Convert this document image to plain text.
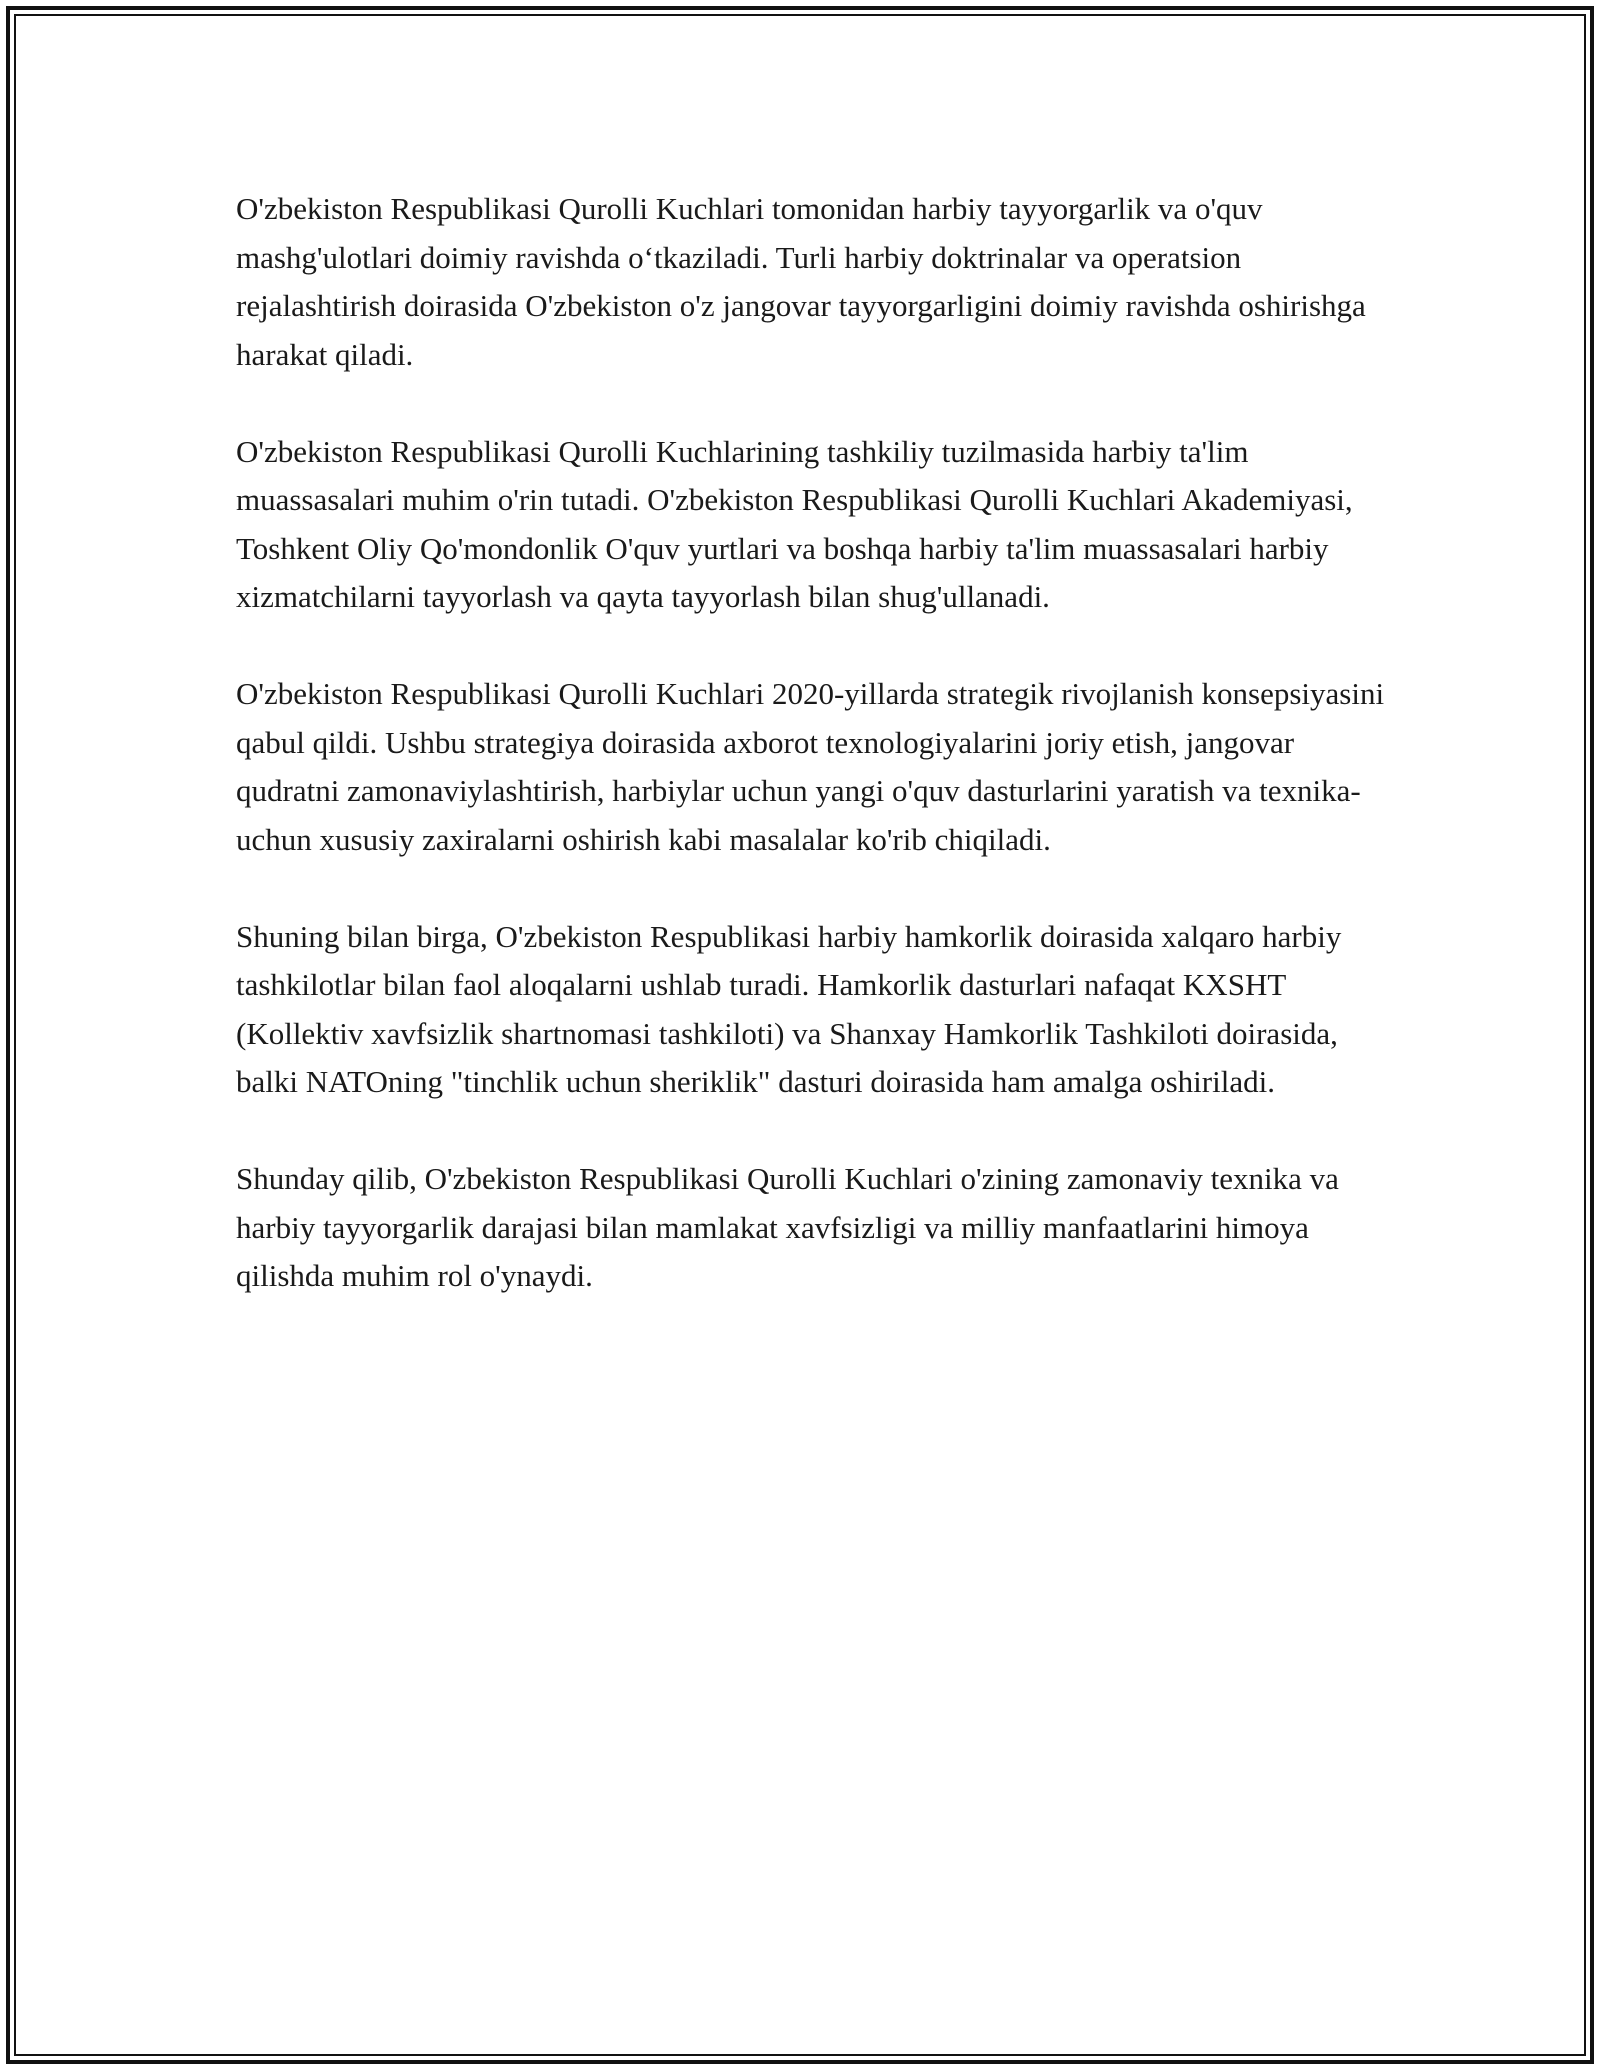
O'zbekiston Respublikasi Qurolli Kuchlari tomonidan harbiy tayyorgarlik va o'quv mashg'ulotlari doimiy ravishda o‘tkaziladi. Turli harbiy doktrinalar va operatsion rejalashtirish doirasida O'zbekiston o'z jangovar tayyorgarligini doimiy ravishda oshirishga harakat qiladi.

O'zbekiston Respublikasi Qurolli Kuchlarining tashkiliy tuzilmasida harbiy ta'lim muassasalari muhim o'rin tutadi. O'zbekiston Respublikasi Qurolli Kuchlari Akademiyasi, Toshkent Oliy Qo'mondonlik O'quv yurtlari va boshqa harbiy ta'lim muassasalari harbiy xizmatchilarni tayyorlash va qayta tayyorlash bilan shug'ullanadi.

O'zbekiston Respublikasi Qurolli Kuchlari 2020-yillarda strategik rivojlanish konsepsiyasini qabul qildi. Ushbu strategiya doirasida axborot texnologiyalarini joriy etish, jangovar qudratni zamonaviylashtirish, harbiylar uchun yangi o'quv dasturlarini yaratish va texnika-uchun xususiy zaxiralarni oshirish kabi masalalar ko'rib chiqiladi.

Shuning bilan birga, O'zbekiston Respublikasi harbiy hamkorlik doirasida xalqaro harbiy tashkilotlar bilan faol aloqalarni ushlab turadi. Hamkorlik dasturlari nafaqat KXSHT (Kollektiv xavfsizlik shartnomasi tashkiloti) va Shanxay Hamkorlik Tashkiloti doirasida, balki NATOning "tinchlik uchun sheriklik" dasturi doirasida ham amalga oshiriladi.

Shunday qilib, O'zbekiston Respublikasi Qurolli Kuchlari o'zining zamonaviy texnika va harbiy tayyorgarlik darajasi bilan mamlakat xavfsizligi va milliy manfaatlarini himoya qilishda muhim rol o'ynaydi.
